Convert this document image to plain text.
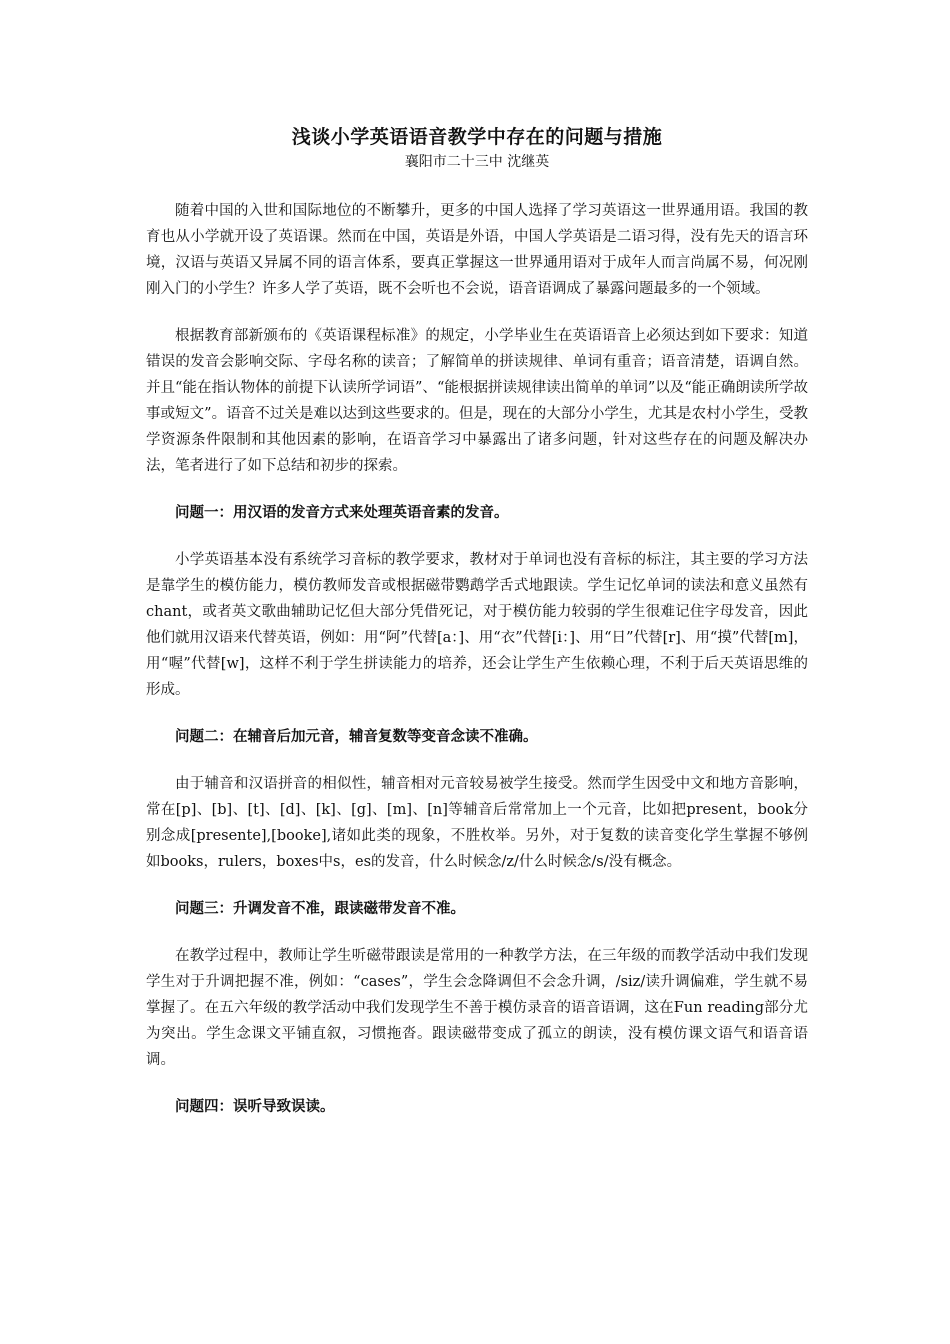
浅谈小学英语语音教学中存在的问题与措施

襄阳市二十三中 沈继英

随着中国的入世和国际地位的不断攀升，更多的中国人选择了学习英语这一世界通用语。我国的教育也从小学就开设了英语课。然而在中国，英语是外语，中国人学英语是二语习得，没有先天的语言环境，汉语与英语又异属不同的语言体系，要真正掌握这一世界通用语对于成年人而言尚属不易，何况刚刚入门的小学生？许多人学了英语，既不会听也不会说，语音语调成了暴露问题最多的一个领域。

根据教育部新颁布的《英语课程标准》的规定，小学毕业生在英语语音上必须达到如下要求：知道错误的发音会影响交际、字母名称的读音；了解简单的拼读规律、单词有重音；语音清楚，语调自然。并且“能在指认物体的前提下认读所学词语”、“能根据拼读规律读出简单的单词”以及“能正确朗读所学故事或短文”。语音不过关是难以达到这些要求的。但是，现在的大部分小学生，尤其是农村小学生，受教学资源条件限制和其他因素的影响，在语音学习中暴露出了诸多问题，针对这些存在的问题及解决办法，笔者进行了如下总结和初步的探索。

问题一：用汉语的发音方式来处理英语音素的发音。

小学英语基本没有系统学习音标的教学要求，教材对于单词也没有音标的标注，其主要的学习方法是靠学生的模仿能力，模仿教师发音或根据磁带鹦鹉学舌式地跟读。学生记忆单词的读法和意义虽然有chant，或者英文歌曲辅助记忆但大部分凭借死记，对于模仿能力较弱的学生很难记住字母发音，因此他们就用汉语来代替英语，例如：用“阿”代替[a：]、用“衣”代替[i：]、用“日”代替[r]、用“摸”代替[m]，用“喔”代替[w]，这样不利于学生拼读能力的培养，还会让学生产生依赖心理，不利于后天英语思维的形成。

问题二：在辅音后加元音，辅音复数等变音念读不准确。

由于辅音和汉语拼音的相似性，辅音相对元音较易被学生接受。然而学生因受中文和地方音影响，常在[p]、[b]、[t]、[d]、[k]、[g]、[m]、[n]等辅音后常常加上一个元音，比如把present，book分别念成[presente],[booke],诸如此类的现象，不胜枚举。另外，对于复数的读音变化学生掌握不够例如books，rulers，boxes中s，es的发音，什么时候念/z/什么时候念/s/没有概念。

问题三：升调发音不准，跟读磁带发音不准。

在教学过程中，教师让学生听磁带跟读是常用的一种教学方法，在三年级的而教学活动中我们发现学生对于升调把握不准，例如：“cases”，学生会念降调但不会念升调，/siz/读升调偏难，学生就不易掌握了。在五六年级的教学活动中我们发现学生不善于模仿录音的语音语调，这在Fun reading部分尤为突出。学生念课文平铺直叙，习惯拖沓。跟读磁带变成了孤立的朗读，没有模仿课文语气和语音语调。

问题四：误听导致误读。
